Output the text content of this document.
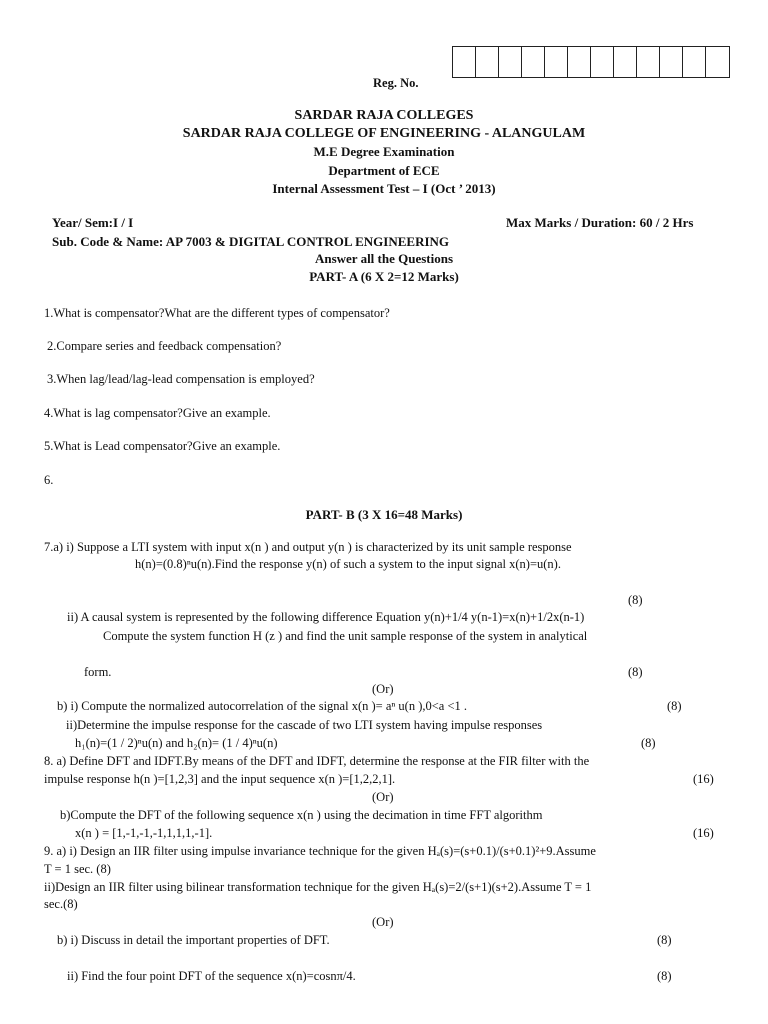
Reg. No.
SARDAR RAJA COLLEGES
SARDAR RAJA COLLEGE OF ENGINEERING - ALANGULAM
M.E Degree Examination
Department of ECE
Internal Assessment Test – I (Oct ’ 2013)
Year/ Sem:I / I	Max Marks / Duration: 60 / 2 Hrs
Sub. Code & Name: AP 7003 & DIGITAL CONTROL ENGINEERING
Answer all the Questions
PART- A (6 X 2=12 Marks)
1.What is compensator?What are the different types of compensator?
2.Compare series and feedback compensation?
3.When lag/lead/lag-lead compensation is employed?
4.What is lag compensator?Give an example.
5.What is Lead compensator?Give an example.
6.
PART- B (3 X 16=48 Marks)
7.a) i) Suppose a LTI system with input x(n ) and output y(n ) is characterized by its unit sample response
h(n)=(0.8)ⁿu(n).Find the response y(n) of such a system to the input signal x(n)=u(n).
(8)
ii) A causal system is represented by the following difference Equation y(n)+1/4 y(n-1)=x(n)+1/2x(n-1)
Compute the system function H (z ) and find the unit sample response of the system in analytical
form.	(8)
(Or)
b) i) Compute the normalized autocorrelation of the signal x(n )= aⁿ u(n ),0<a <1 .	(8)
ii)Determine the impulse response for the cascade of two LTI system having impulse responses
h₁(n)=(1 / 2)ⁿu(n) and h₂(n)= (1 / 4)ⁿu(n)	(8)
8. a) Define DFT and IDFT.By means of the DFT and IDFT, determine the response at the FIR filter with the
impulse response h(n )=[1,2,3] and the input sequence x(n )=[1,2,2,1].	(16)
(Or)
b)Compute the DFT of the following sequence x(n ) using the decimation in time FFT algorithm
x(n ) = [1,-1,-1,-1,1,1,1,-1].	(16)
9. a) i) Design an IIR filter using impulse invariance technique for the given Hₐ(s)=(s+0.1)/(s+0.1)²+9.Assume
T = 1 sec. (8)
ii)Design an IIR filter using bilinear transformation technique for the given Hₐ(s)=2/(s+1)(s+2).Assume T = 1
sec.(8)
(Or)
b) i) Discuss in detail the important properties of DFT.	(8)
ii) Find the four point DFT of the sequence x(n)=cosnπ/4.	(8)
